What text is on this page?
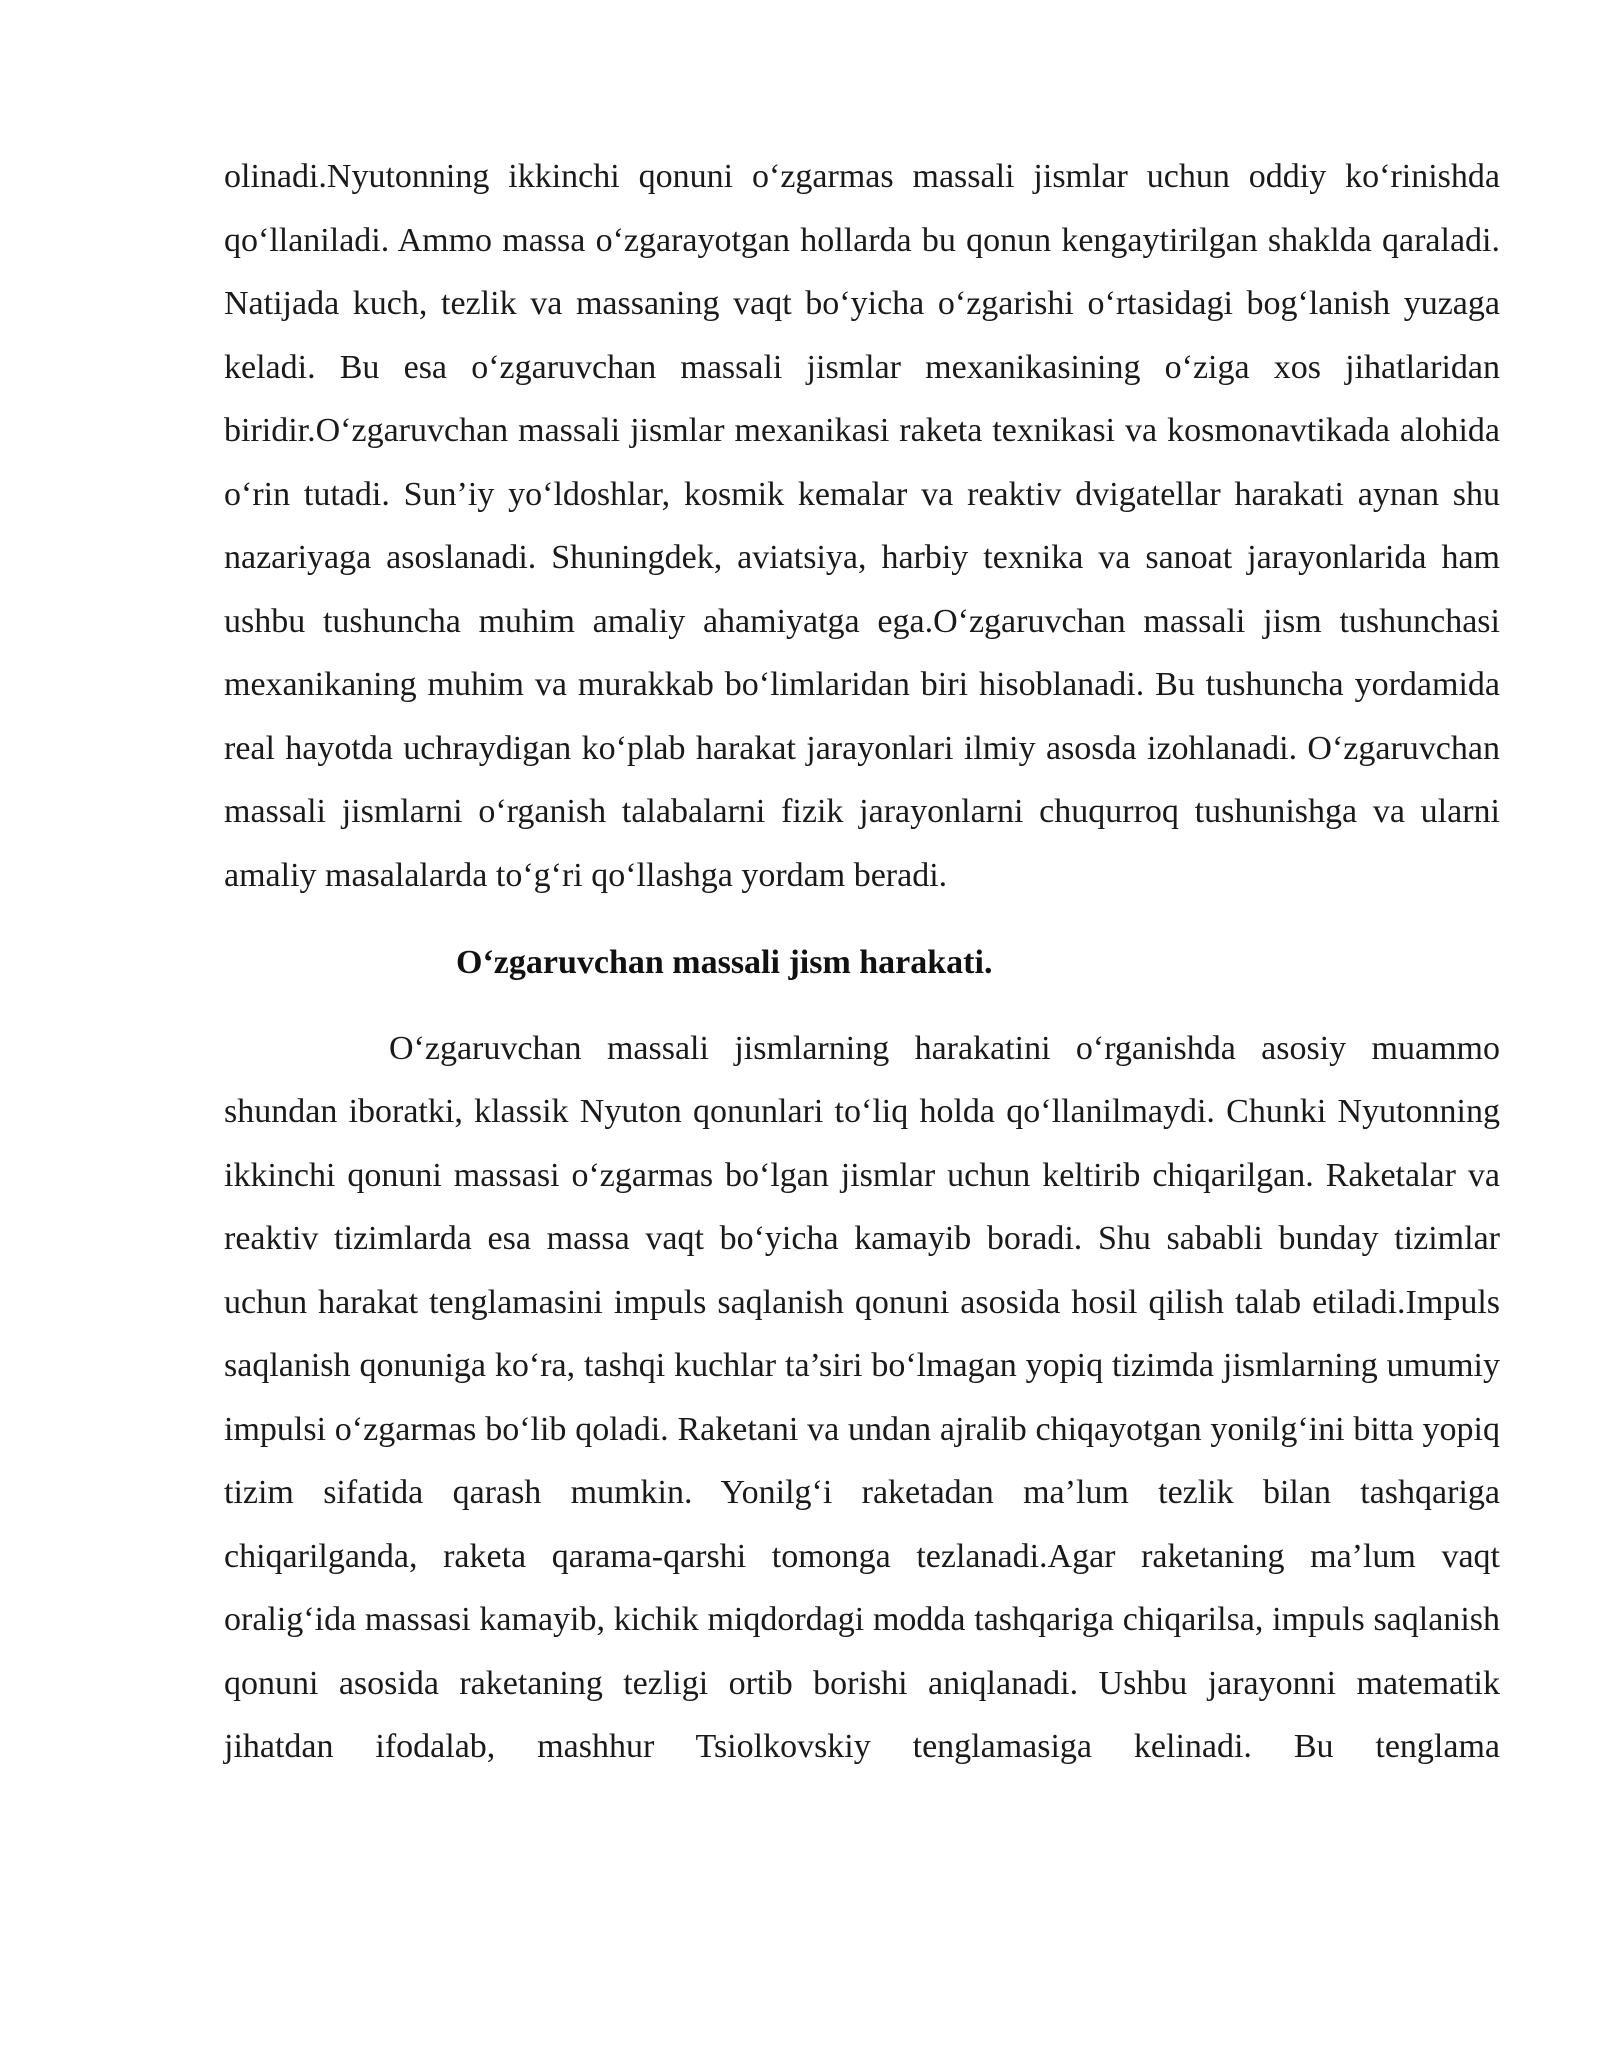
olinadi.Nyutonning ikkinchi qonuni o‘zgarmas massali jismlar uchun oddiy ko‘rinishda qo‘llaniladi. Ammo massa o‘zgarayotgan hollarda bu qonun kengaytirilgan shaklda qaraladi. Natijada kuch, tezlik va massaning vaqt bo‘yicha o‘zgarishi o‘rtasidagi bog‘lanish yuzaga keladi. Bu esa o‘zgaruvchan massali jismlar mexanikasining o‘ziga xos jihatlaridan biridir.O‘zgaruvchan massali jismlar mexanikasi raketa texnikasi va kosmonavtikada alohida o‘rin tutadi. Sun’iy yo‘ldoshlar, kosmik kemalar va reaktiv dvigatellar harakati aynan shu nazariyaga asoslanadi. Shuningdek, aviatsiya, harbiy texnika va sanoat jarayonlarida ham ushbu tushuncha muhim amaliy ahamiyatga ega.O‘zgaruvchan massali jism tushunchasi mexanikaning muhim va murakkab bo‘limlaridan biri hisoblanadi. Bu tushuncha yordamida real hayotda uchraydigan ko‘plab harakat jarayonlari ilmiy asosda izohlanadi. O‘zgaruvchan massali jismlarni o‘rganish talabalarni fizik jarayonlarni chuqurroq tushunishga va ularni amaliy masalalarda to‘g‘ri qo‘llashga yordam beradi.

O‘zgaruvchan massali jism harakati.

O‘zgaruvchan massali jismlarning harakatini o‘rganishda asosiy muammo shundan iboratki, klassik Nyuton qonunlari to‘liq holda qo‘llanilmaydi. Chunki Nyutonning ikkinchi qonuni massasi o‘zgarmas bo‘lgan jismlar uchun keltirib chiqarilgan. Raketalar va reaktiv tizimlarda esa massa vaqt bo‘yicha kamayib boradi. Shu sababli bunday tizimlar uchun harakat tenglamasini impuls saqlanish qonuni asosida hosil qilish talab etiladi.Impuls saqlanish qonuniga ko‘ra, tashqi kuchlar ta’siri bo‘lmagan yopiq tizimda jismlarning umumiy impulsi o‘zgarmas bo‘lib qoladi. Raketani va undan ajralib chiqayotgan yonilg‘ini bitta yopiq tizim sifatida qarash mumkin. Yonilg‘i raketadan ma’lum tezlik bilan tashqariga chiqarilganda, raketa qarama-qarshi tomonga tezlanadi.Agar raketaning ma’lum vaqt oralig‘ida massasi kamayib, kichik miqdordagi modda tashqariga chiqarilsa, impuls saqlanish qonuni asosida raketaning tezligi ortib borishi aniqlanadi. Ushbu jarayonni matematik jihatdan ifodalab, mashhur Tsiolkovskiy tenglamasiga kelinadi. Bu tenglama
